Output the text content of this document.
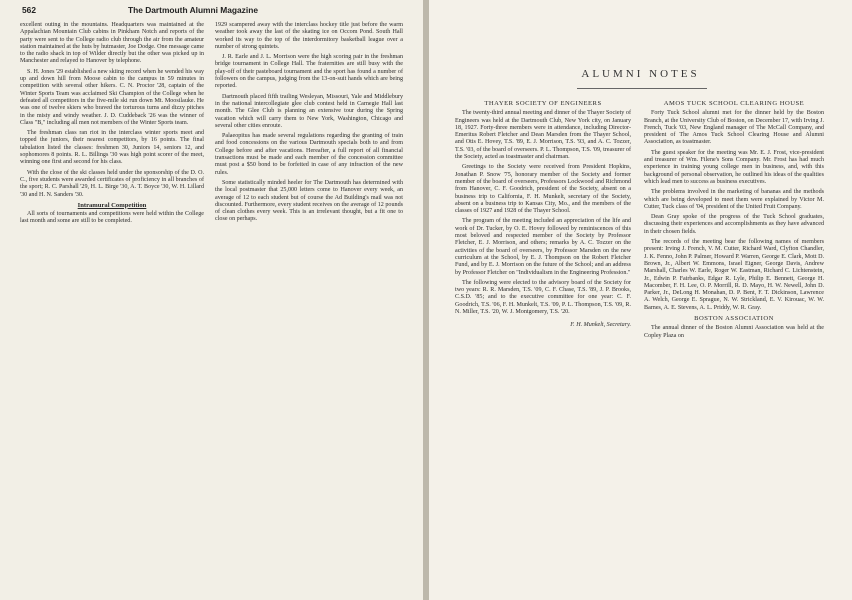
562	The Dartmouth Alumni Magazine

excellent outing in the mountains. Headquarters was maintained at the Appalachian Mountain Club cabins in Pinkham Notch and reports of the party were sent to the College radio club through the air from the amateur station maintained at the huts by hutmaster, Joe Dodge. One message came to the radio shack in top of Wilder directly but the other was picked up in Manchester and relayed to Hanover by telephone.

S. H. Jones '29 established a new skiing record when he wended his way up and down hill from Moose cabin to the campus in 59 minutes in competition with several other hikers. C. N. Proctor '28, captain of the Winter Sports Team was acclaimed Ski Champion of the College when he defeated all competitors in the five-mile ski run down Mt. Moosilauke. He was one of twelve skiers who braved the torturous turns and dizzy pitches in the misty and windy weather. J. D. Cuddeback '26 was the winner of Class "B," including all men not members of the Winter Sports team.

The freshman class ran riot in the interclass winter sports meet and topped the juniors, their nearest competitors, by 16 points. The final tabulation listed the classes: freshmen 30, Juniors 14, seniors 12, and sophomores 8 points. R. L. Billings '30 was high point scorer of the meet, winning one first and second for his class.

With the close of the ski classes held under the sponsorship of the D. O. C., five students were awarded certificates of proficiency in all branches of the sport; R. C. Parshall '29, H. L. Birge '30, A. T. Boyce '30, W. H. Lillard '30 and H. N. Sanders '30.

Intramural Competition

All sorts of tournaments and competitions were held within the College last month and some are still to be completed.

1929 scampered away with the interclass hockey title just before the warm weather took away the last of the skating ice on Occom Pond. South Hall worked its way to the top of the interdormitory basketball league over a number of strong quintets.

J. R. Earle and J. L. Morrison were the high scoring pair in the freshman bridge tournament in College Hall. The fraternities are still busy with the play-off of their pasteboard tournament and the sport has found a number of followers on the campus, judging from the 13-on-suit hands which are being reported.

Dartmouth placed fifth trailing Wesleyan, Missouri, Yale and Middlebury in the national intercollegiate glee club contest held in Carnegie Hall last month. The Glee Club is planning an extensive tour during the Spring vacation which will carry them to New York, Washington, Chicago and several other cities enroute.

Palaeopitus has made several regulations regarding the granting of train and food concessions on the various Dartmouth specials both to and from College before and after vacations. Hereafter, a full report of all financial transactions must be made and each member of the concession committee must post a $50 bond to be forfeited in case of any infraction of the new rules.

Some statistically minded heeler for The Dartmouth has determined with the local postmaster that 25,000 letters come to Hanover every week, an average of 12 to each student but of course the Ad Building's mail was not discounted. Furthermore, every student receives on the average of 12 pounds of clean clothes every week. This is an irrelevant thought, but a fit one to close on perhaps.

ALUMNI NOTES
THAYER SOCIETY OF ENGINEERS

The twenty-third annual meeting and dinner of the Thayer Society of Engineers was held at the Dartmouth Club, New York city, on January 18, 1927. Forty-three members were in attendance, including Director-Emeritus Robert Fletcher and Dean Marsden from the Thayer School, and Otis E. Hovey, T.S. '89, E. J. Morrison, T.S. '93, and A. C. Tozzer, T.S. '03, of the board of overseers. P. L. Thompson, T.S. '09, treasurer of the Society, acted as toastmaster and chairman.

Greetings to the Society were received from President Hopkins, Jonathan P. Snow '75, honorary member of the Society and former member of the board of overseers, Professors Lockwood and Richmond from Hanover, C. F. Goodrich, president of the Society, absent on a business trip to California, F. H. Munkelt, secretary of the Society, absent on a business trip to Kansas City, Mo., and the members of the classes of 1927 and 1928 of the Thayer School.

The program of the meeting included an appreciation of the life and work of Dr. Tucker, by O. E. Hovey followed by reminiscences of this most beloved and respected member of the Society by Professor Fletcher, E. J. Morrison, and others; remarks by A. C. Tozzer on the activities of the board of overseers, by Professor Marsden on the new curriculum at the School, by E. J. Thompson on the Robert Fletcher Fund, and by E. J. Morrison on the future of the School; and an address by Professor Fletcher on "Individualism in the Engineering Profession."

The following were elected to the advisory board of the Society for two years: R. R. Marsden, T.S. '09, C. F. Chase, T.S. '89, J. P. Brooks, C.S.D. '85; and to the executive committee for one year: C. F. Goodrich, T.S. '06, F. H. Munkelt, T.S. '09, P. L. Thompson, T.S. '09, R. N. Miller, T.S. '20, W. J. Montgomery, T.S. '20.

F. H. Munkelt, Secretary.

AMOS TUCK SCHOOL CLEARING HOUSE

Forty Tuck School alumni met for the dinner held by the Boston Branch, at the University Club of Boston, on December 17, with Irving J. French, Tuck '03, New England manager of The McCall Company, and president of The Amos Tuck School Clearing House and Alumni Association, as toastmaster.

The guest speaker for the meeting was Mr. E. J. Frost, vice-president and treasurer of Wm. Filene's Sons Company. Mr. Frost has had much experience in training young college men in business, and, with this background of personal observation, he outlined his ideas of the qualities which lead men to success as business executives.

The problems involved in the marketing of bananas and the methods which are being developed to meet them were explained by Victor M. Cutter, Tuck class of '04, president of the United Fruit Company.

Dean Gray spoke of the progress of the Tuck School graduates, discussing their experiences and accomplishments as they have advanced in their chosen fields.

The records of the meeting bear the following names of members present: Irving J. French, V. M. Cutter, Richard Ward, Clyfton Chandler, J. K. Fenno, John P. Palmer, Howard P. Warren, George E. Clark, Mott D. Brown, Jr., Albert W. Emmons, Israel Eigner, George Davis, Andrew Marshall, Charles W. Earle, Roger W. Eastman, Richard C. Lichtenstein, Jr., Edwin P. Fairbanks, Edgar R. Lyle, Philip E. Bennett, George H. Macomber, F. H. Lee, O. P. Morrill, R. D. Mayo, H. W. Newell, John D. Parker, Jr., DeLong H. Monahan, D. P. Bent, F. T. Dickinson, Lawrence A. Welch, George E. Sprague, N. W. Strickland, E. V. Kirouac, W. W. Barnes, A. E. Stevens, A. L. Priddy, W. R. Gray.

BOSTON ASSOCIATION

The annual dinner of the Boston Alumni Association was held at the Copley Plaza on
